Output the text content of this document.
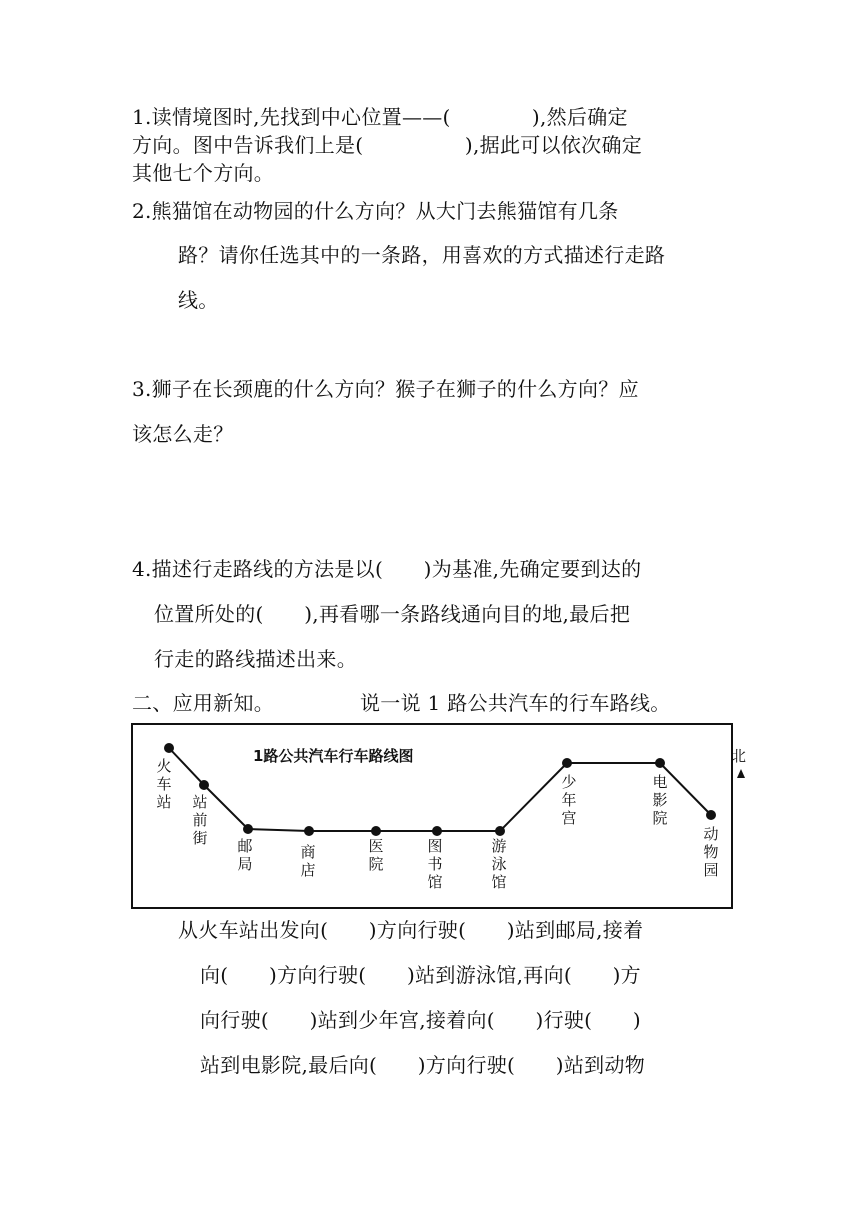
1.读情境图时,先找到中心位置——(　　　　),然后确定
方向。图中告诉我们上是(　　　　　),据此可以依次确定
其他七个方向。
2.熊猫馆在动物园的什么方向？从大门去熊猫馆有几条
路？请你任选其中的一条路，用喜欢的方式描述行走路
线。
3.狮子在长颈鹿的什么方向？猴子在狮子的什么方向？应
该怎么走？
4.描述行走路线的方法是以(　　)为基准,先确定要到达的
位置所处的(　　),再看哪一条路线通向目的地,最后把
行走的路线描述出来。
二、应用新知。	说一说 1 路公共汽车的行车路线。
1路公共汽车行车路线图	北
火车站 站前街 邮局
商店
医院
图书馆
游泳馆
少年宫
电影院
动物园
从火车站出发向(　　)方向行驶(　　)站到邮局,接着
向(　　)方向行驶(　　)站到游泳馆,再向(　　)方
向行驶(　　)站到少年宫,接着向(　　)行驶(　　)
站到电影院,最后向(　　)方向行驶(　　)站到动物
